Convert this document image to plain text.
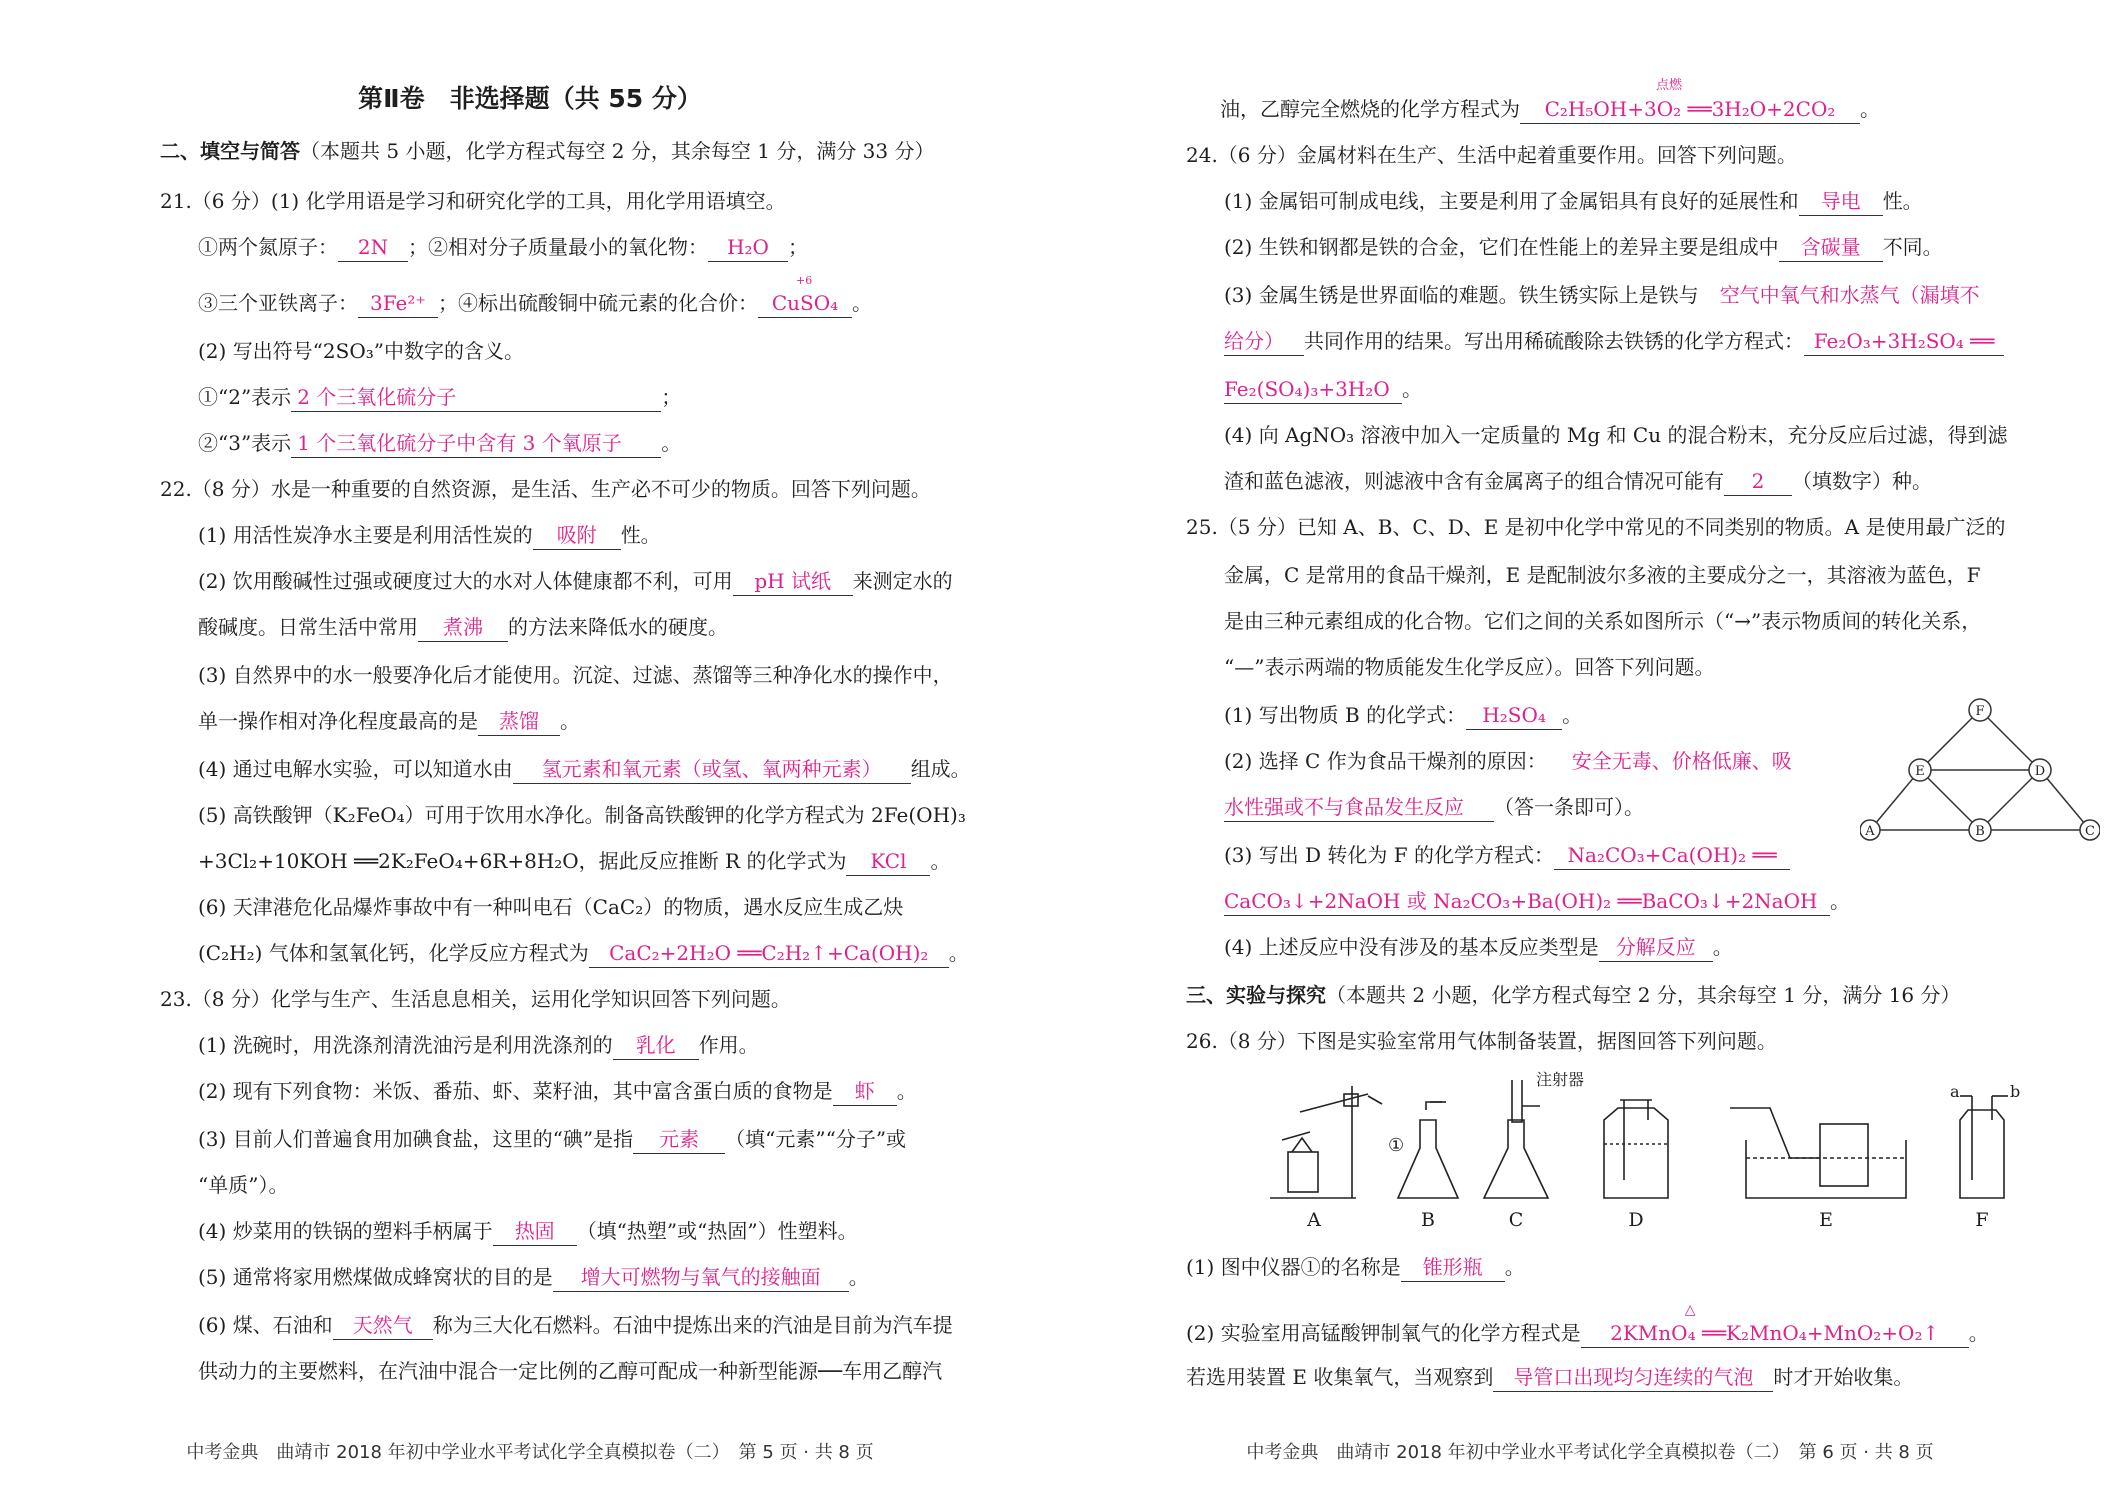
第Ⅱ卷　非选择题（共 55 分）
二、填空与简答（本题共 5 小题，化学方程式每空 2 分，其余每空 1 分，满分 33 分）
21.（6 分）(1) 化学用语是学习和研究化学的工具，用化学用语填空。
①两个氮原子： 2N ；②相对分子质量最小的氧化物： H₂O ；
③三个亚铁离子： 3Fe²⁺ ；④标出硫酸铜中硫元素的化合价： CuSO₄
+6
。
(2) 写出符号“2SO₃”中数字的含义。
①“2”表示 2 个三氧化硫分子	；
②“3”表示 1 个三氧化硫分子中含有 3 个氧原子 。
22.（8 分）水是一种重要的自然资源，是生活、生产必不可少的物质。回答下列问题。
(1) 用活性炭净水主要是利用活性炭的 吸附 性。
(2) 饮用酸碱性过强或硬度过大的水对人体健康都不利，可用 pH 试纸 来测定水的
酸碱度。日常生活中常用 煮沸 的方法来降低水的硬度。
(3) 自然界中的水一般要净化后才能使用。沉淀、过滤、蒸馏等三种净化水的操作中，
单一操作相对净化程度最高的是 蒸馏 。
(4) 通过电解水实验，可以知道水由 氢元素和氧元素（或氢、氧两种元素） 组成。
(5) 高铁酸钾（K₂FeO₄）可用于饮用水净化。制备高铁酸钾的化学方程式为 2Fe(OH)₃
+3Cl₂+10KOH ══2K₂FeO₄+6R+8H₂O，据此反应推断 R 的化学式为 KCl 。
(6) 天津港危化品爆炸事故中有一种叫电石（CaC₂）的物质，遇水反应生成乙炔
(C₂H₂) 气体和氢氧化钙，化学反应方程式为 CaC₂+2H₂O ══C₂H₂↑+Ca(OH)₂ 。
23.（8 分）化学与生产、生活息息相关，运用化学知识回答下列问题。
(1) 洗碗时，用洗涤剂清洗油污是利用洗涤剂的 乳化 作用。
(2) 现有下列食物：米饭、番茄、虾、菜籽油，其中富含蛋白质的食物是 虾 。
(3) 目前人们普遍食用加碘食盐，这里的“碘”是指 元素 （填“元素”“分子”或
“单质”）。
(4) 炒菜用的铁锅的塑料手柄属于 热固 （填“热塑”或“热固”）性塑料。
(5) 通常将家用燃煤做成蜂窝状的目的是 增大可燃物与氧气的接触面 。
(6) 煤、石油和 天然气 称为三大化石燃料。石油中提炼出来的汽油是目前为汽车提
供动力的主要燃料，在汽油中混合一定比例的乙醇可配成一种新型能源──车用乙醇汽
中考金典　曲靖市 2018 年初中学业水平考试化学全真模拟卷（二）　第 5 页 · 共 8 页
油，乙醇完全燃烧的化学方程式为 C₂H₅OH+3O₂ ══3H₂O+2CO₂
点燃
。
24.（6 分）金属材料在生产、生活中起着重要作用。回答下列问题。
(1) 金属铝可制成电线，主要是利用了金属铝具有良好的延展性和 导电 性。
(2) 生铁和钢都是铁的合金，它们在性能上的差异主要是组成中 含碳量 不同。
(3) 金属生锈是世界面临的难题。铁生锈实际上是铁与 空气中氧气和水蒸气（漏填不
给分） 共同作用的结果。写出用稀硫酸除去铁锈的化学方程式： Fe₂O₃+3H₂SO₄ ══
Fe₂(SO₄)₃+3H₂O 。
(4) 向 AgNO₃ 溶液中加入一定质量的 Mg 和 Cu 的混合粉末，充分反应后过滤，得到滤
渣和蓝色滤液，则滤液中含有金属离子的组合情况可能有 2 （填数字）种。
25.（5 分）已知 A、B、C、D、E 是初中化学中常见的不同类别的物质。A 是使用最广泛的
金属，C 是常用的食品干燥剂，E 是配制波尔多液的主要成分之一，其溶液为蓝色，F
是由三种元素组成的化合物。它们之间的关系如图所示（“→”表示物质间的转化关系，
“—”表示两端的物质能发生化学反应）。回答下列问题。
(1) 写出物质 B 的化学式： H₂SO₄ 。
(2) 选择 C 作为食品干燥剂的原因： 安全无毒、价格低廉、吸
水性强或不与食品发生反应 （答一条即可）。
(3) 写出 D 转化为 F 的化学方程式： Na₂CO₃+Ca(OH)₂ ══
CaCO₃↓+2NaOH 或 Na₂CO₃+Ba(OH)₂ ══BaCO₃↓+2NaOH 。
(4) 上述反应中没有涉及的基本反应类型是 分解反应 。
F
E	D
A	B	C
三、实验与探究（本题共 2 小题，化学方程式每空 2 分，其余每空 1 分，满分 16 分）
26.（8 分）下图是实验室常用气体制备装置，据图回答下列问题。
注射器
①
a	b
A	B	C	D	E	F
(1) 图中仪器①的名称是 锥形瓶 。
(2) 实验室用高锰酸钾制氧气的化学方程式是 2KMnO₄ ══K₂MnO₄+MnO₂+O₂↑
△
。
若选用装置 E 收集氧气，当观察到 导管口出现均匀连续的气泡 时才开始收集。
中考金典　曲靖市 2018 年初中学业水平考试化学全真模拟卷（二）　第 6 页 · 共 8 页
